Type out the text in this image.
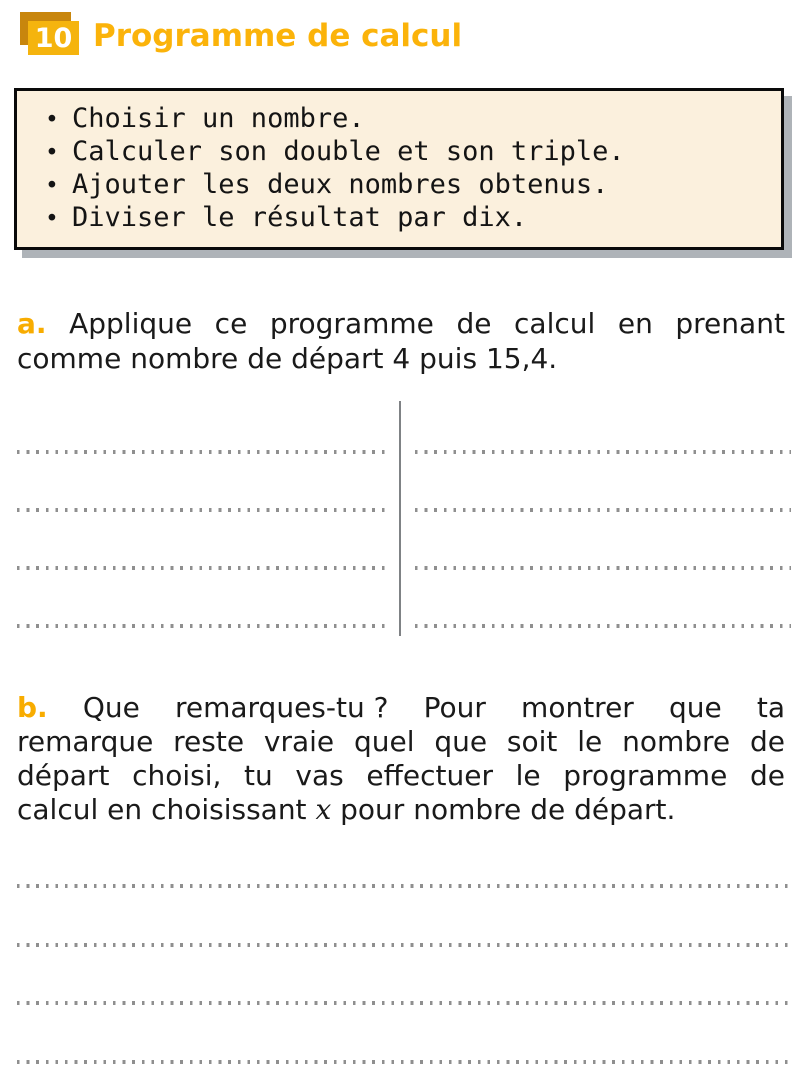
10 Programme de calcul
• Choisir un nombre.
• Calculer son double et son triple.
• Ajouter les deux nombres obtenus.
• Diviser le résultat par dix.
a. Applique ce programme de calcul en prenant
comme nombre de départ 4 puis 15,4.
b. Que remarques-tu ? Pour montrer que ta
remarque reste vraie quel que soit le nombre de
départ choisi, tu vas effectuer le programme de
calcul en choisissant x pour nombre de départ.
